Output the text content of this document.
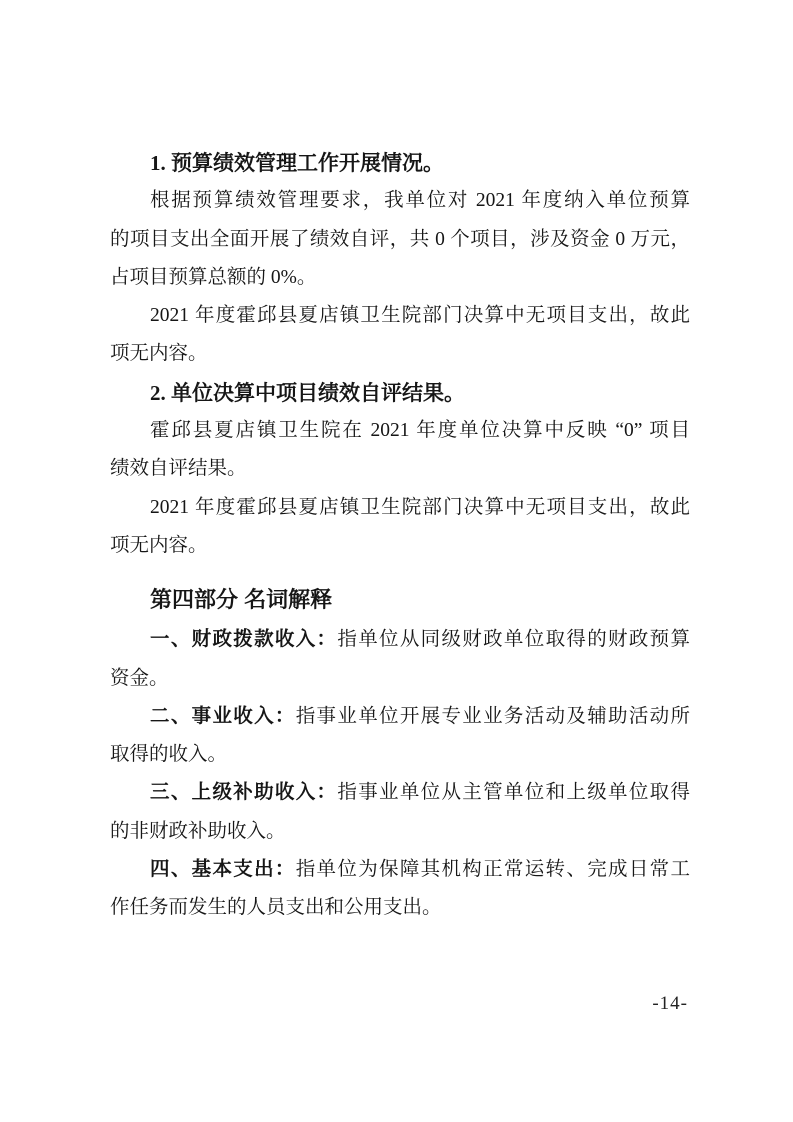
1. 预算绩效管理工作开展情况。
根据预算绩效管理要求，我单位对 2021 年度纳入单位预算
的项目支出全面开展了绩效自评，共 0 个项目，涉及资金 0 万元，
占项目预算总额的 0%。
2021 年度霍邱县夏店镇卫生院部门决算中无项目支出，故此
项无内容。
2. 单位决算中项目绩效自评结果。
霍邱县夏店镇卫生院在 2021 年度单位决算中反映 “0” 项目
绩效自评结果。
2021 年度霍邱县夏店镇卫生院部门决算中无项目支出，故此
项无内容。
第四部分 名词解释
一、财政拨款收入：指单位从同级财政单位取得的财政预算
资金。
二、事业收入：指事业单位开展专业业务活动及辅助活动所
取得的收入。
三、上级补助收入：指事业单位从主管单位和上级单位取得
的非财政补助收入。
四、基本支出：指单位为保障其机构正常运转、完成日常工
作任务而发生的人员支出和公用支出。
-14-
